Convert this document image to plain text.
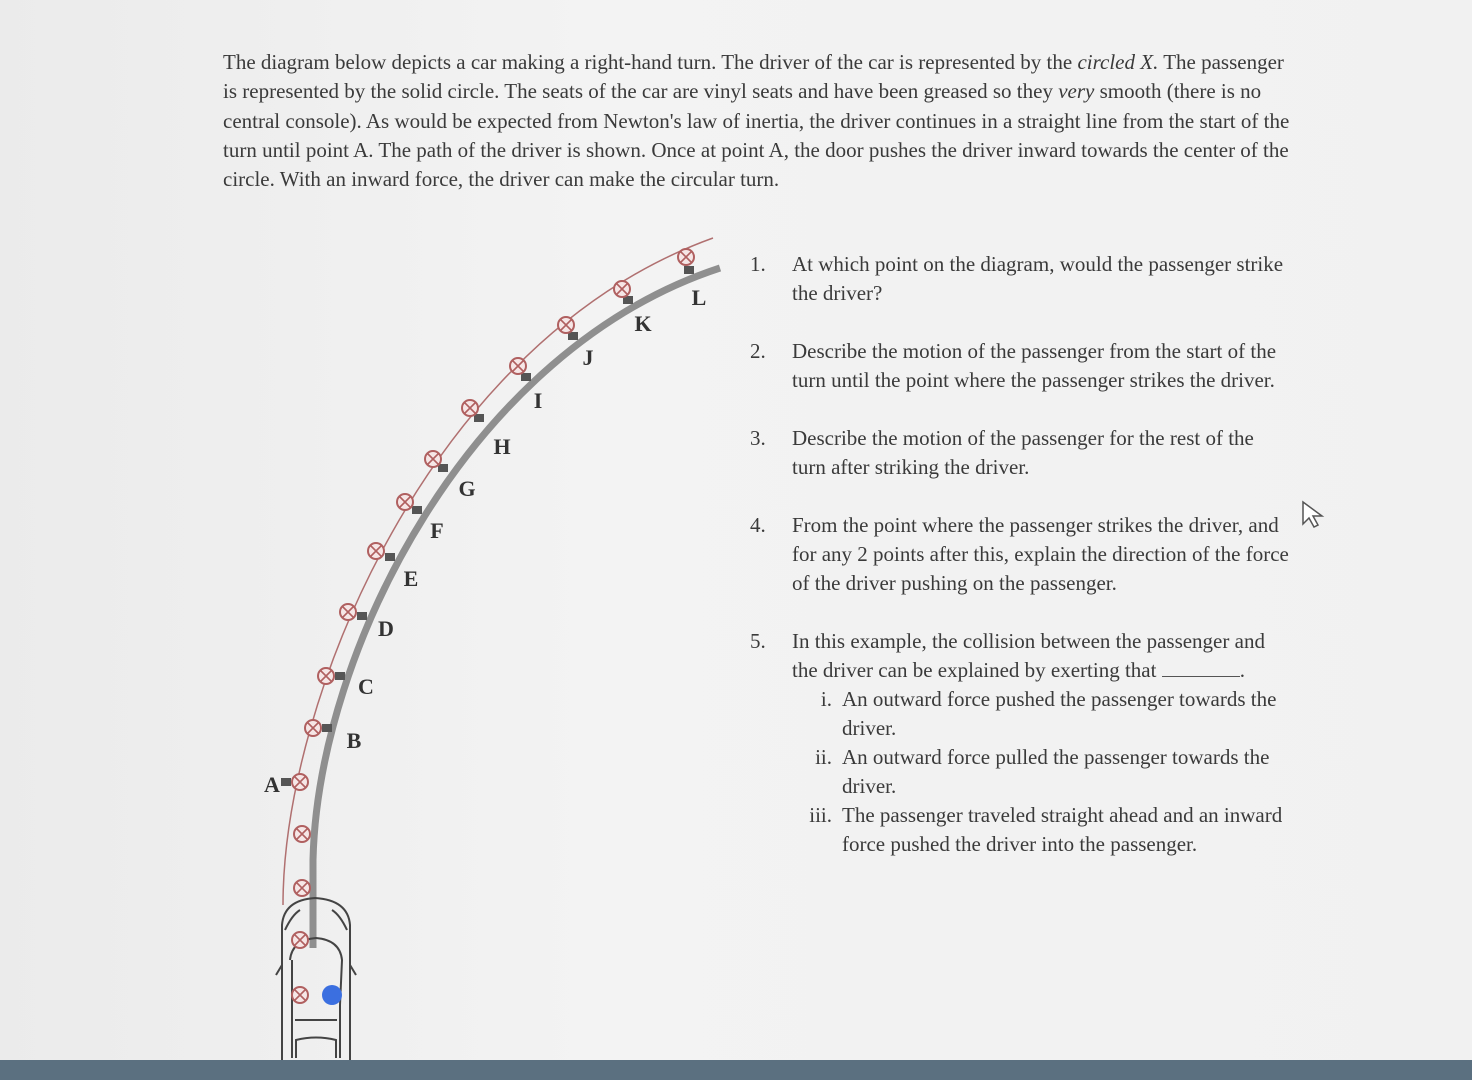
The diagram below depicts a car making a right-hand turn. The driver of the car is represented by the circled X. The passenger is represented by the solid circle. The seats of the car are vinyl seats and have been greased so they very smooth (there is no central console). As would be expected from Newton's law of inertia, the driver continues in a straight line from the start of the turn until point A. The path of the driver is shown. Once at point A, the door pushes the driver inward towards the center of the circle. With an inward force, the driver can make the circular turn.

A
B
C
D
E
F
G
H
I
J
K
L
1. At which point on the diagram, would the passenger strike the driver?
2. Describe the motion of the passenger from the start of the turn until the point where the passenger strikes the driver.
3. Describe the motion of the passenger for the rest of the turn after striking the driver.
4. From the point where the passenger strikes the driver, and for any 2 points after this, explain the direction of the force of the driver pushing on the passenger.
5. In this example, the collision between the passenger and the driver can be explained by exerting that	.
i. An outward force pushed the passenger towards the driver.
ii. An outward force pulled the passenger towards the driver.
iii. The passenger traveled straight ahead and an inward force pushed the driver into the passenger.
